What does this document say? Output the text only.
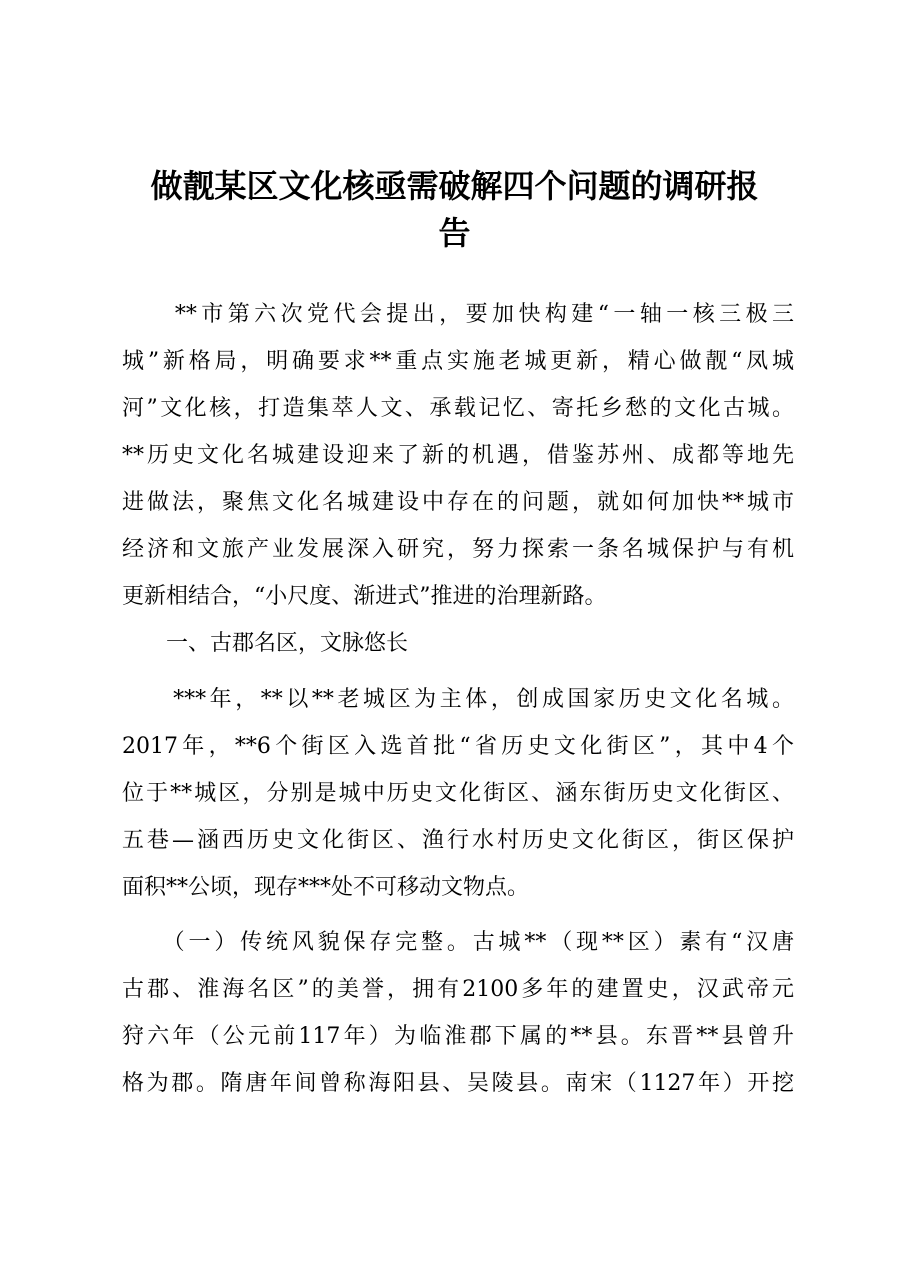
做靓某区文化核亟需破解四个问题的调研报
告

　　**市第六次党代会提出，要加快构建“一轴一核三极三

城”新格局，明确要求**重点实施老城更新，精心做靓“凤城

河”文化核，打造集萃人文、承载记忆、寄托乡愁的文化古城。

**历史文化名城建设迎来了新的机遇，借鉴苏州、成都等地先

进做法，聚焦文化名城建设中存在的问题，就如何加快**城市

经济和文旅产业发展深入研究，努力探索一条名城保护与有机

更新相结合，“小尺度、渐进式”推进的治理新路。

　　一、古郡名区，文脉悠长

　　***年，**以**老城区为主体，创成国家历史文化名城。

2017年，**6个街区入选首批“省历史文化街区”，其中4个

位于**城区，分别是城中历史文化街区、涵东街历史文化街区、

五巷—涵西历史文化街区、渔行水村历史文化街区，街区保护

面积**公顷，现存***处不可移动文物点。

　　（一）传统风貌保存完整。古城**（现**区）素有“汉唐

古郡、淮海名区”的美誉，拥有2100多年的建置史，汉武帝元

狩六年（公元前117年）为临淮郡下属的**县。东晋**县曾升

格为郡。隋唐年间曾称海阳县、吴陵县。南宋（1127年）开挖
